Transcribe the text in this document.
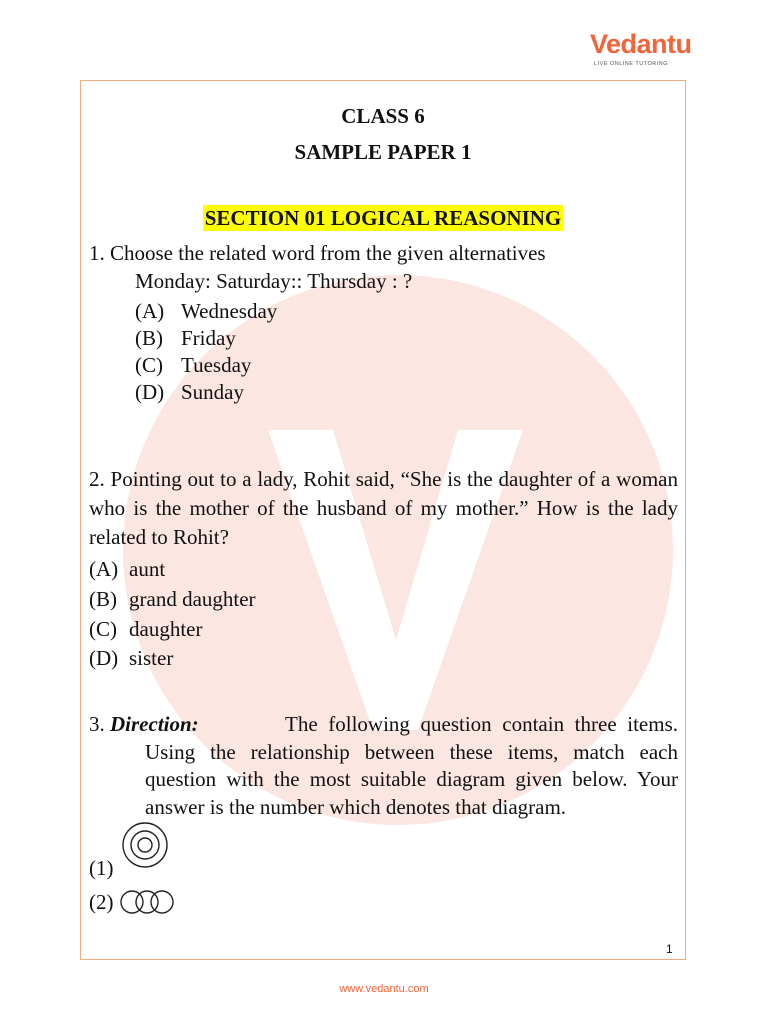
Vedantu
LIVE ONLINE TUTORING
CLASS 6
SAMPLE PAPER 1
SECTION 01 LOGICAL REASONING
1. Choose the related word from the given alternatives
Monday: Saturday:: Thursday : ?
(A) Wednesday
(B) Friday
(C) Tuesday
(D) Sunday
2. Pointing out to a lady, Rohit said, “She is the daughter of a woman who is the mother of the husband of my mother.” How is the lady related to Rohit?
(A) aunt
(B) grand daughter
(C) daughter
(D) sister
3. Direction:	The following question contain three items. Using the relationship between these items, match each question with the most suitable diagram given below. Your answer is the number which denotes that diagram.
(1)
(2)
1
www.vedantu.com
